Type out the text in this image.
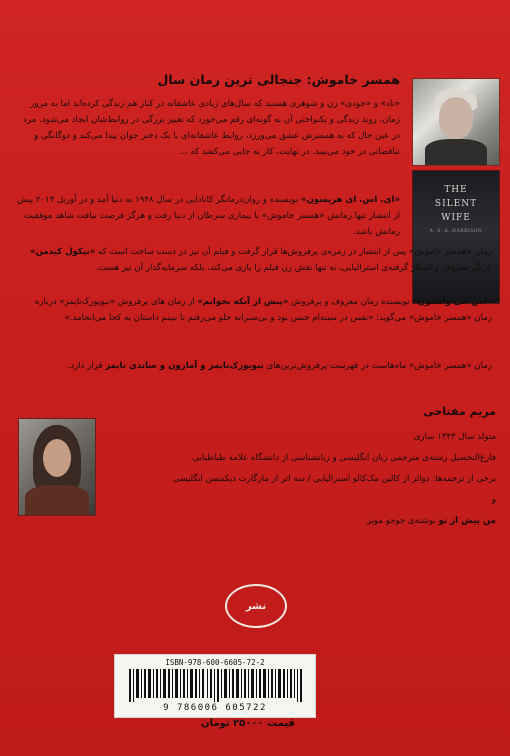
همسر خاموش: جنجالی ترین رمان سال
«تاد» و «جودی» زن و شوهری هستند که سال‌های زیادی عاشقانه در کنار هم زندگی کرده‌اند اما به مرور زمان، روند زندگی و یکنواختی آن به گونه‌ای رقم می‌خورد که تغییر بزرگی در روابط‌شان ایجاد می‌شود. مرد در عین حال که به همسرش عشق می‌ورزد، روابط عاشقانه‌ای با یک دختر جوان پیدا می‌کند و دوگانگی و تناقضاتی در خود می‌بیند. در نهایت، کار به جایی می‌کشد که ...
THE
SILENT
WIFE
A. S. A. HARRISON
«ای. اس. ای هریسون» نویسنده و روان‌درمانگر کانادایی در سال ۱۹۴۸ به دنیا آمد و در آوریل ۲۰۱۳ پیش از انتشار تنها رمانش «همسر خاموش» با بیماری سرطان از دنیا رفت و هرگز فرصت نیافت شاهد موفقیت رمانش باشد.
رمان «همسر خاموش» پس از انتشار در زمره‌ی پرفروش‌ها قرار گرفت و فیلم آن نیز در دست ساخت است که «نیکول کیدمن» بازیگر معروف و اسکار گرفته‌ی استرالیایی، نه تنها نقش زن فیلم را بازی می‌کند، بلکه سرمایه‌گذار آن نیز هست.
«اس جی واتسون» نویسنده رمان معروف و پرفروش «پیش از آنکه بخوابم» از رمان های پرفروش «نیویورک‌تایمز» درباره رمان «همسر خاموش» می‌گوید: «نفس در سینه‌ام حبس بود و بی‌صبرانه جلو می‌رفتم تا ببینم داستان به کجا می‌انجامد.»
رمان «همسر خاموش» ماه‌هاست در فهرست پرفروش‌ترین‌های نیویورک‌تایمز و آمازون و ساندی تایمز قرار دارد.
مریم مفتاحی
متولد سال ۱۳۴۳ ساری
فارغ‌التحصیل رشته‌ی مترجمی زبان انگلیسی و زبانشناسی از دانشگاه علامه طباطبایی
برخی از ترجمه‌ها: دوائر از کالین مک‌کالو استرالیایی / سه اثر از مارگارت دیکینسن انگلیسی
و
من پیش از تو نوشته‌ی جوجو مویز
نشر
ISBN-978-600-6605-72-2
9 786006 605722
قیمت ۲۵۰۰۰ تومان
